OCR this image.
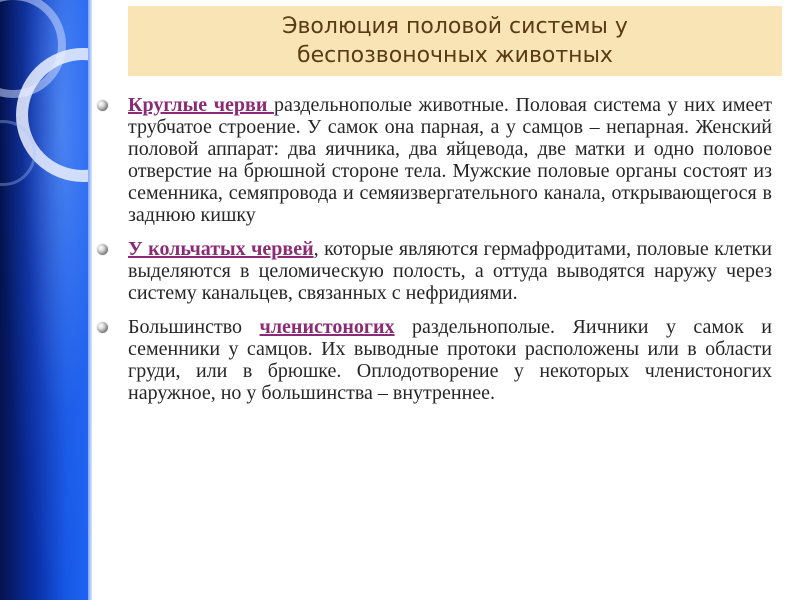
Эволюция половой системы у
беспозвоночных животных

Круглые черви раздельнополые животные. Половая система у них имеет трубчатое строение. У самок она парная, а у самцов – непарная. Женский половой аппарат: два яичника, два яйцевода, две матки и одно половое отверстие на брюшной стороне тела. Мужские половые органы состоят из семенника, семяпровода и семяизвергательного канала, открывающегося в заднюю кишку

У кольчатых червей, которые являются гермафродитами, половые клетки выделяются в целомическую полость, а оттуда выводятся наружу через систему канальцев, связанных с нефридиями.

Большинство членистоногих раздельнополые. Яичники у самок и семенники у самцов. Их выводные протоки расположены или в области груди, или в брюшке. Оплодотворение у некоторых членистоногих наружное, но у большинства – внутреннее.
